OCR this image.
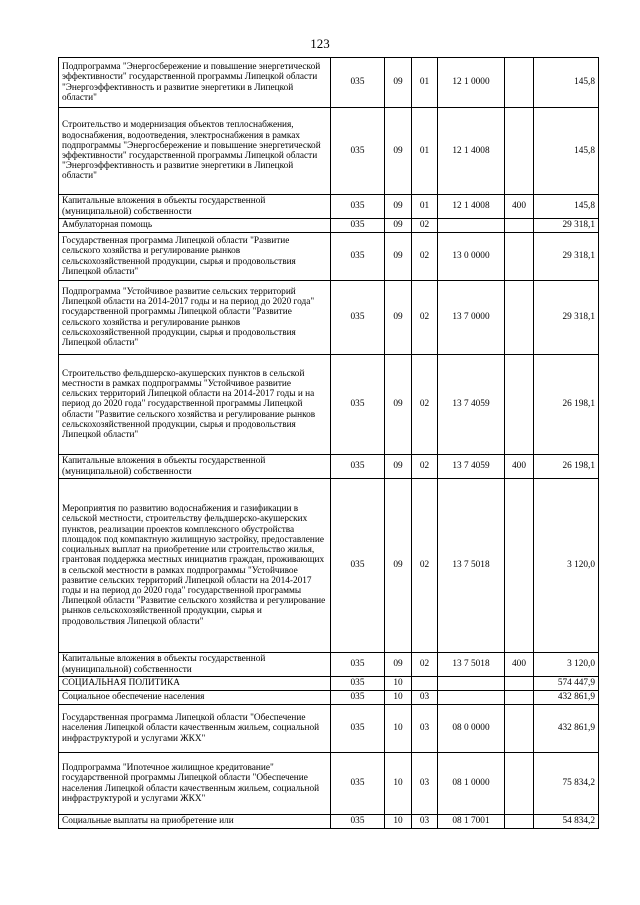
123
Подпрограмма "Энергосбережение и повышение энергетической эффективности" государственной программы Липецкой области "Энергоэффективность и развитие энергетики в Липецкой области"	035	09	01	12 1 0000		145,8
Строительство и модернизация объектов теплоснабжения, водоснабжения, водоотведения, электроснабжения в рамках подпрограммы "Энергосбережение и повышение энергетической эффективности" государственной программы Липецкой области "Энергоэффективность и развитие энергетики в Липецкой области"	035	09	01	12 1 4008		145,8
Капитальные вложения в объекты государственной (муниципальной) собственности	035	09	01	12 1 4008	400	145,8
Амбулаторная помощь	035	09	02			29 318,1
Государственная программа Липецкой области "Развитие сельского хозяйства и регулирование рынков сельскохозяйственной продукции, сырья и продовольствия Липецкой области"	035	09	02	13 0 0000		29 318,1
Подпрограмма "Устойчивое развитие сельских территорий Липецкой области на 2014-2017 годы и на период до 2020 года" государственной программы Липецкой области "Развитие сельского хозяйства и регулирование рынков сельскохозяйственной продукции, сырья и продовольствия Липецкой области"	035	09	02	13 7 0000		29 318,1
Строительство фельдшерско-акушерских пунктов в сельской местности в рамках подпрограммы "Устойчивое развитие сельских территорий Липецкой области на 2014-2017 годы и на период до 2020 года" государственной программы Липецкой области "Развитие сельского хозяйства и регулирование рынков сельскохозяйственной продукции, сырья и продовольствия Липецкой области"	035	09	02	13 7 4059		26 198,1
Капитальные вложения в объекты государственной (муниципальной) собственности	035	09	02	13 7 4059	400	26 198,1
Мероприятия по развитию водоснабжения и газификации в сельской местности, строительству фельдшерско-акушерских пунктов, реализации проектов комплексного обустройства площадок под компактную жилищную застройку, предоставление социальных выплат на приобретение или строительство жилья, грантовая поддержка местных инициатив граждан, проживающих в сельской местности в рамках подпрограммы "Устойчивое развитие сельских территорий Липецкой области на 2014-2017 годы и на период до 2020 года" государственной программы Липецкой области "Развитие сельского хозяйства и регулирование рынков сельскохозяйственной продукции, сырья и продовольствия Липецкой области"	035	09	02	13 7 5018		3 120,0
Капитальные вложения в объекты государственной (муниципальной) собственности	035	09	02	13 7 5018	400	3 120,0
СОЦИАЛЬНАЯ ПОЛИТИКА	035	10				574 447,9
Социальное обеспечение населения	035	10	03			432 861,9
Государственная программа Липецкой области "Обеспечение населения Липецкой области качественным жильем, социальной инфраструктурой и услугами ЖКХ"	035	10	03	08 0 0000		432 861,9
Подпрограмма "Ипотечное жилищное кредитование" государственной программы Липецкой области "Обеспечение населения Липецкой области качественным жильем, социальной инфраструктурой и услугами ЖКХ"	035	10	03	08 1 0000		75 834,2
Социальные выплаты на приобретение или	035	10	03	08 1 7001		54 834,2
